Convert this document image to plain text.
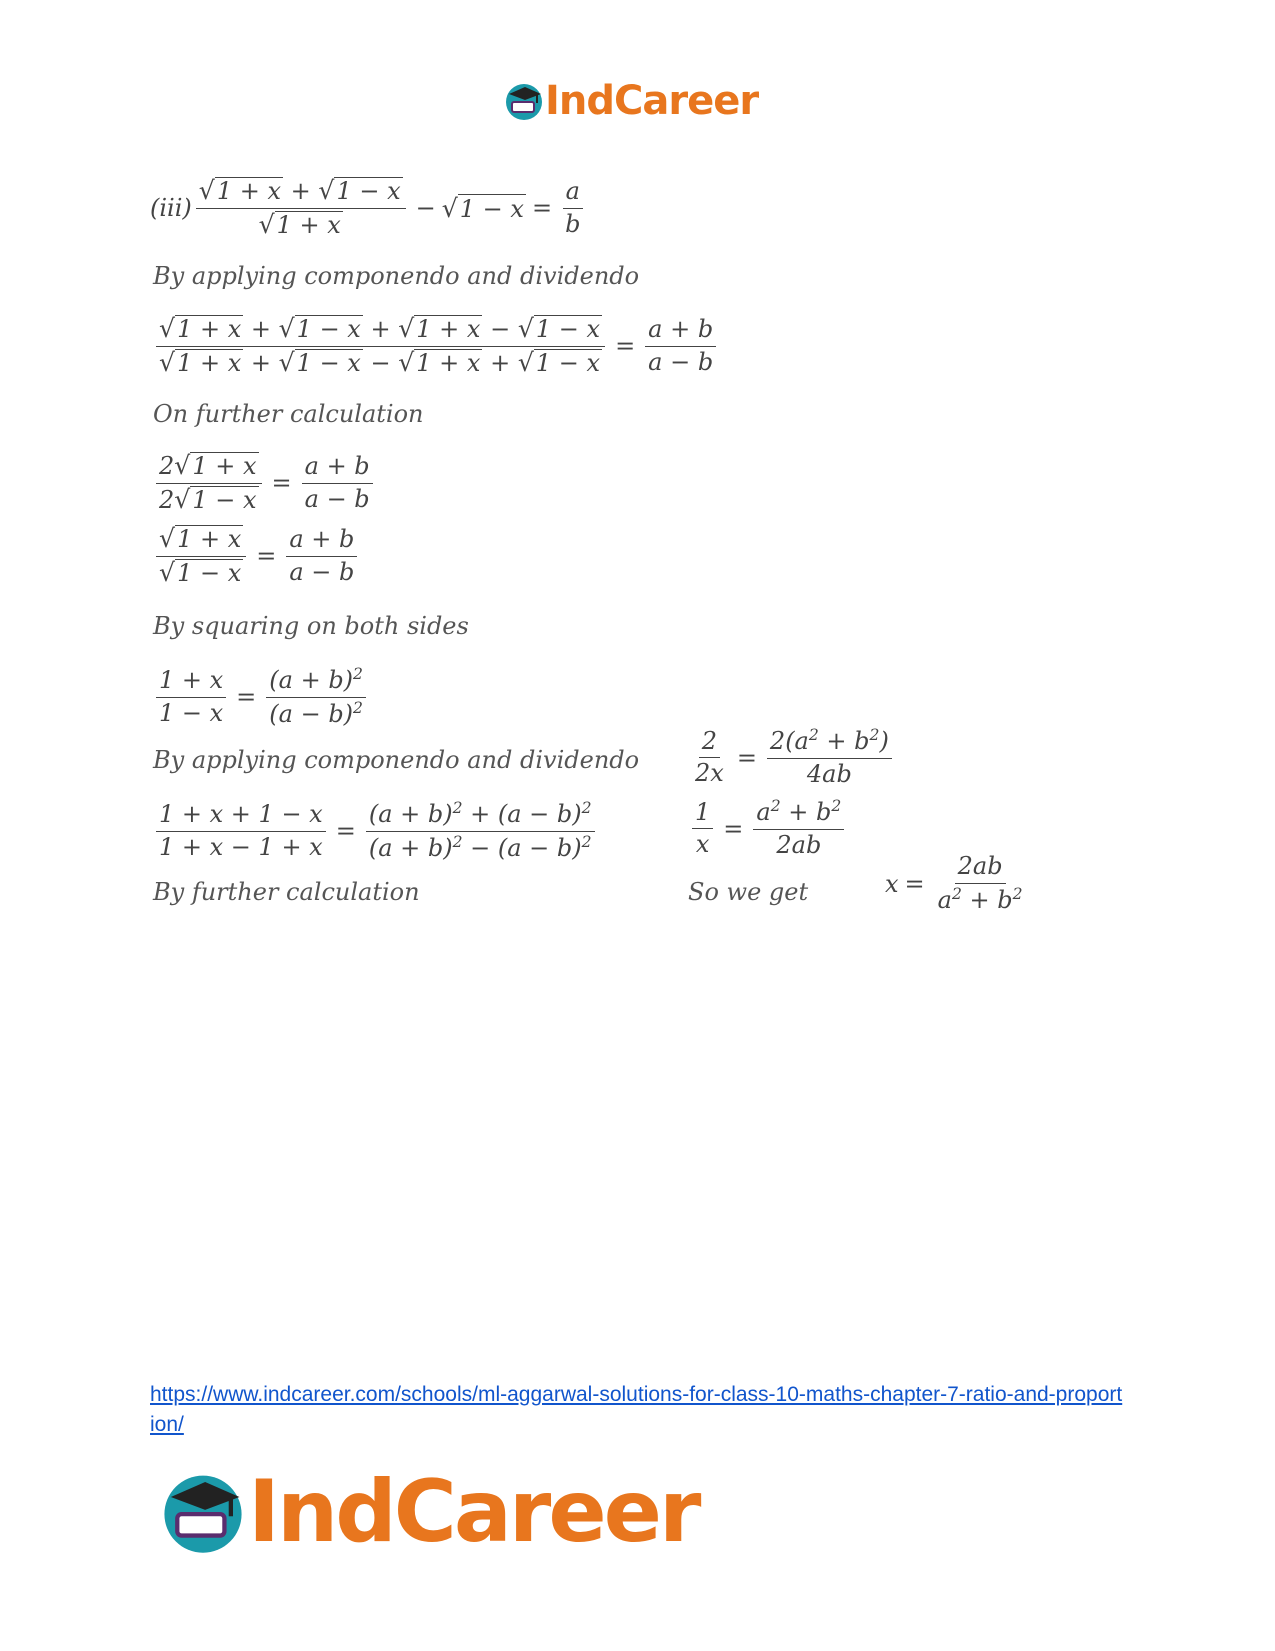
IndCareer
$(iii) \frac{√ 1 + x + √ 1 - x}{√ 1 + x}$ − √ $1 - x = \frac{a}{b}$
By applying componendo and dividendo
$\frac{√ 1 + x + √ 1 - x + √ 1 + x - √ 1 - x}{√ 1 + x + √ 1 - x - √ 1 + x + √ 1 - x} = \frac{a + b}{a - b}$
On further calculation
$\frac{2 √ 1 + x}{2 √ 1 - x} = \frac{a + b}{a - b}$
$\frac{√ 1 + x}{√ 1 - x} = \frac{a + b}{a - b}$
By squaring on both sides
$\frac{1 + x}{1 - x} = \frac{(a + b)^2}{(a - b)^2}$
By applying componendo and dividendo
$\frac{1 + x + 1 - x}{1 + x - 1 + x} = \frac{(a + b)^2 + (a - b)^2}{(a + b)^2 - (a - b)^2}$
By further calculation
$\frac{2}{2x} = \frac{2(a^2 + b^2)}{4ab}$
$\frac{1}{x} = \frac{a^2 + b^2}{2ab}$
So we get	$x = \frac{2ab}{a^2 + b^2}$
https://www.indcareer.com/schools/ml-aggarwal-solutions-for-class-10-maths-chapter-7-ratio-and-proportion/
IndCareer
